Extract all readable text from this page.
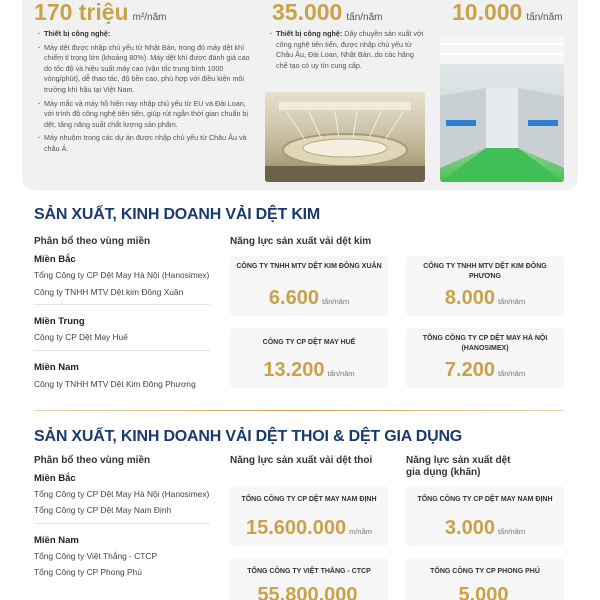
170 triệu m²/năm	35.000 tấn/năm	10.000 tấn/năm
· Thiết bị công nghệ:
· Máy dệt được nhập chủ yếu từ Nhật Bản, trong đó máy dệt khí chiếm tỉ trọng lớn (khoảng 80%). Máy dệt khí được đánh giá cao do tốc độ và hiệu suất máy cao (vận tốc trung bình 1000 vòng/phút), dễ thao tác, độ bền cao, phù hợp với điều kiện môi trường khí hậu tại Việt Nam.
· Máy mắc và máy hồ hiện nay nhập chủ yếu từ EU và Đài Loan, với trình độ công nghệ tiên tiến, giúp rút ngắn thời gian chuẩn bị dệt, tăng năng suất chất lượng sản phẩm.
· Máy nhuộm trong các dự án được nhập chủ yếu từ Châu Âu và châu Á.
· Thiết bị công nghệ: Dây chuyền sản xuất với công nghệ tiên tiến, được nhập chủ yếu từ Châu Âu, Đài Loan, Nhật Bản..do các hãng chế tạo có uy tín cung cấp.
SẢN XUẤT, KINH DOANH VẢI DỆT KIM
Phân bổ theo vùng miền	Năng lực sản xuất vải dệt kim
Miền Bắc
Tổng Công ty CP Dệt May Hà Nội (Hanosimex)
Công ty TNHH MTV Dệt kim Đông Xuân
Miền Trung
Công ty CP Dệt May Huế
Miền Nam
Công ty TNHH MTV Dệt Kim Đông Phương
CÔNG TY TNHH MTV DỆT KIM ĐÔNG XUÂN
6.600 tấn/năm
CÔNG TY TNHH MTV DỆT KIM ĐÔNG PHƯƠNG
8.000 tấn/năm
CÔNG TY CP DỆT MAY HUẾ
13.200 tấn/năm
TỔNG CÔNG TY CP DỆT MAY HÀ NỘI (HANOSIMEX)
7.200 tấn/năm
SẢN XUẤT, KINH DOANH VẢI DỆT THOI & DỆT GIA DỤNG
Phân bổ theo vùng miền	Năng lực sản xuất vải dệt thoi	Năng lực sản xuất dệt
gia dụng (khăn)
Miền Bắc
Tổng Công ty CP Dệt May Hà Nội (Hanosimex)
Tổng Công ty CP Dệt May Nam Định
Miền Nam
Tổng Công ty Việt Thắng - CTCP
Tổng Công ty CP Phong Phú
TỔNG CÔNG TY CP DỆT MAY NAM ĐỊNH
15.600.000 m/năm
TỔNG CÔNG TY CP DỆT MAY NAM ĐỊNH
3.000 tấn/năm
TỔNG CÔNG TY VIỆT THẮNG - CTCP
55.800.000
TỔNG CÔNG TY CP PHONG PHÚ
5.000
